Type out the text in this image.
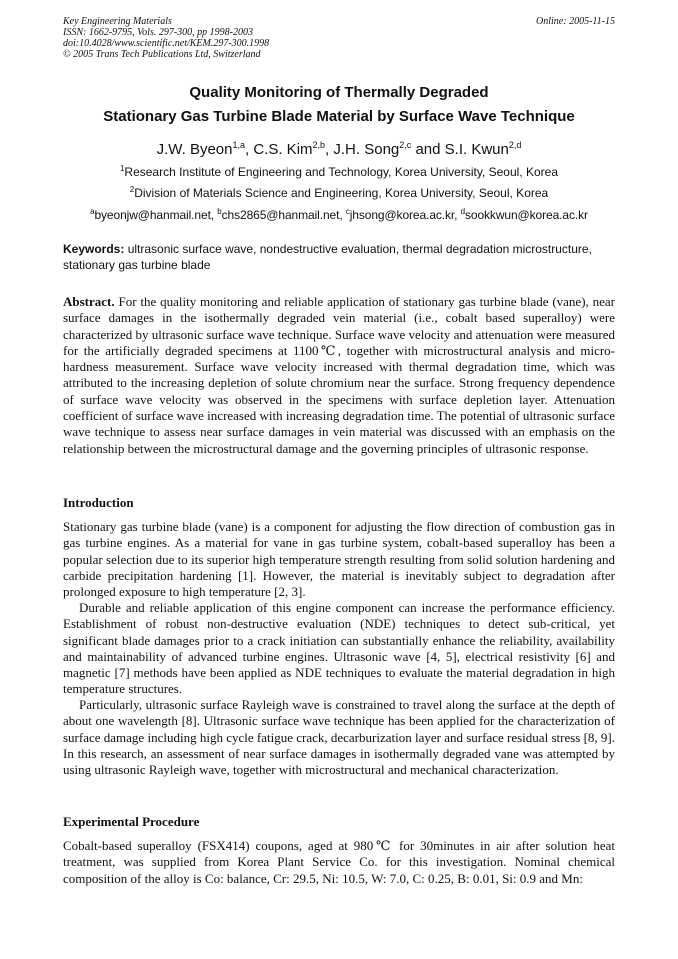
Key Engineering Materials
ISSN: 1662-9795, Vols. 297-300, pp 1998-2003
doi:10.4028/www.scientific.net/KEM.297-300.1998
© 2005 Trans Tech Publications Ltd, Switzerland
Online: 2005-11-15
Quality Monitoring of Thermally Degraded
Stationary Gas Turbine Blade Material by Surface Wave Technique
J.W. Byeon$^{1,a}$, C.S. Kim$^{2,b}$, J.H. Song$^{2,c}$ and S.I. Kwun$^{2,d}$
$^1$Research Institute of Engineering and Technology, Korea University, Seoul, Korea
$^2$Division of Materials Science and Engineering, Korea University, Seoul, Korea
$^a$byeonjw@hanmail.net, $^b$chs2865@hanmail.net, $^c$jhsong@korea.ac.kr, $^d$sookkwun@korea.ac.kr
Keywords: ultrasonic surface wave, nondestructive evaluation, thermal degradation microstructure, stationary gas turbine blade
Abstract. For the quality monitoring and reliable application of stationary gas turbine blade (vane), near surface damages in the isothermally degraded vein material (i.e., cobalt based superalloy) were characterized by ultrasonic surface wave technique. Surface wave velocity and attenuation were measured for the artificially degraded specimens at 1100℃, together with microstructural analysis and micro-hardness measurement. Surface wave velocity increased with thermal degradation time, which was attributed to the increasing depletion of solute chromium near the surface. Strong frequency dependence of surface wave velocity was observed in the specimens with surface depletion layer. Attenuation coefficient of surface wave increased with increasing degradation time. The potential of ultrasonic surface wave technique to assess near surface damages in vein material was discussed with an emphasis on the relationship between the microstructural damage and the governing principles of ultrasonic response.
Introduction
Stationary gas turbine blade (vane) is a component for adjusting the flow direction of combustion gas in gas turbine engines. As a material for vane in gas turbine system, cobalt-based superalloy has been a popular selection due to its superior high temperature strength resulting from solid solution hardening and carbide precipitation hardening [1]. However, the material is inevitably subject to degradation after prolonged exposure to high temperature [2, 3].
Durable and reliable application of this engine component can increase the performance efficiency. Establishment of robust non-destructive evaluation (NDE) techniques to detect sub-critical, yet significant blade damages prior to a crack initiation can substantially enhance the reliability, availability and maintainability of advanced turbine engines. Ultrasonic wave [4, 5], electrical resistivity [6] and magnetic [7] methods have been applied as NDE techniques to evaluate the material degradation in high temperature structures.
Particularly, ultrasonic surface Rayleigh wave is constrained to travel along the surface at the depth of about one wavelength [8]. Ultrasonic surface wave technique has been applied for the characterization of surface damage including high cycle fatigue crack, decarburization layer and surface residual stress [8, 9]. In this research, an assessment of near surface damages in isothermally degraded vane was attempted by using ultrasonic Rayleigh wave, together with microstructural and mechanical characterization.
Experimental Procedure
Cobalt-based superalloy (FSX414) coupons, aged at 980℃ for 30minutes in air after solution heat treatment, was supplied from Korea Plant Service Co. for this investigation. Nominal chemical composition of the alloy is Co: balance, Cr: 29.5, Ni: 10.5, W: 7.0, C: 0.25, B: 0.01, Si: 0.9 and Mn:
